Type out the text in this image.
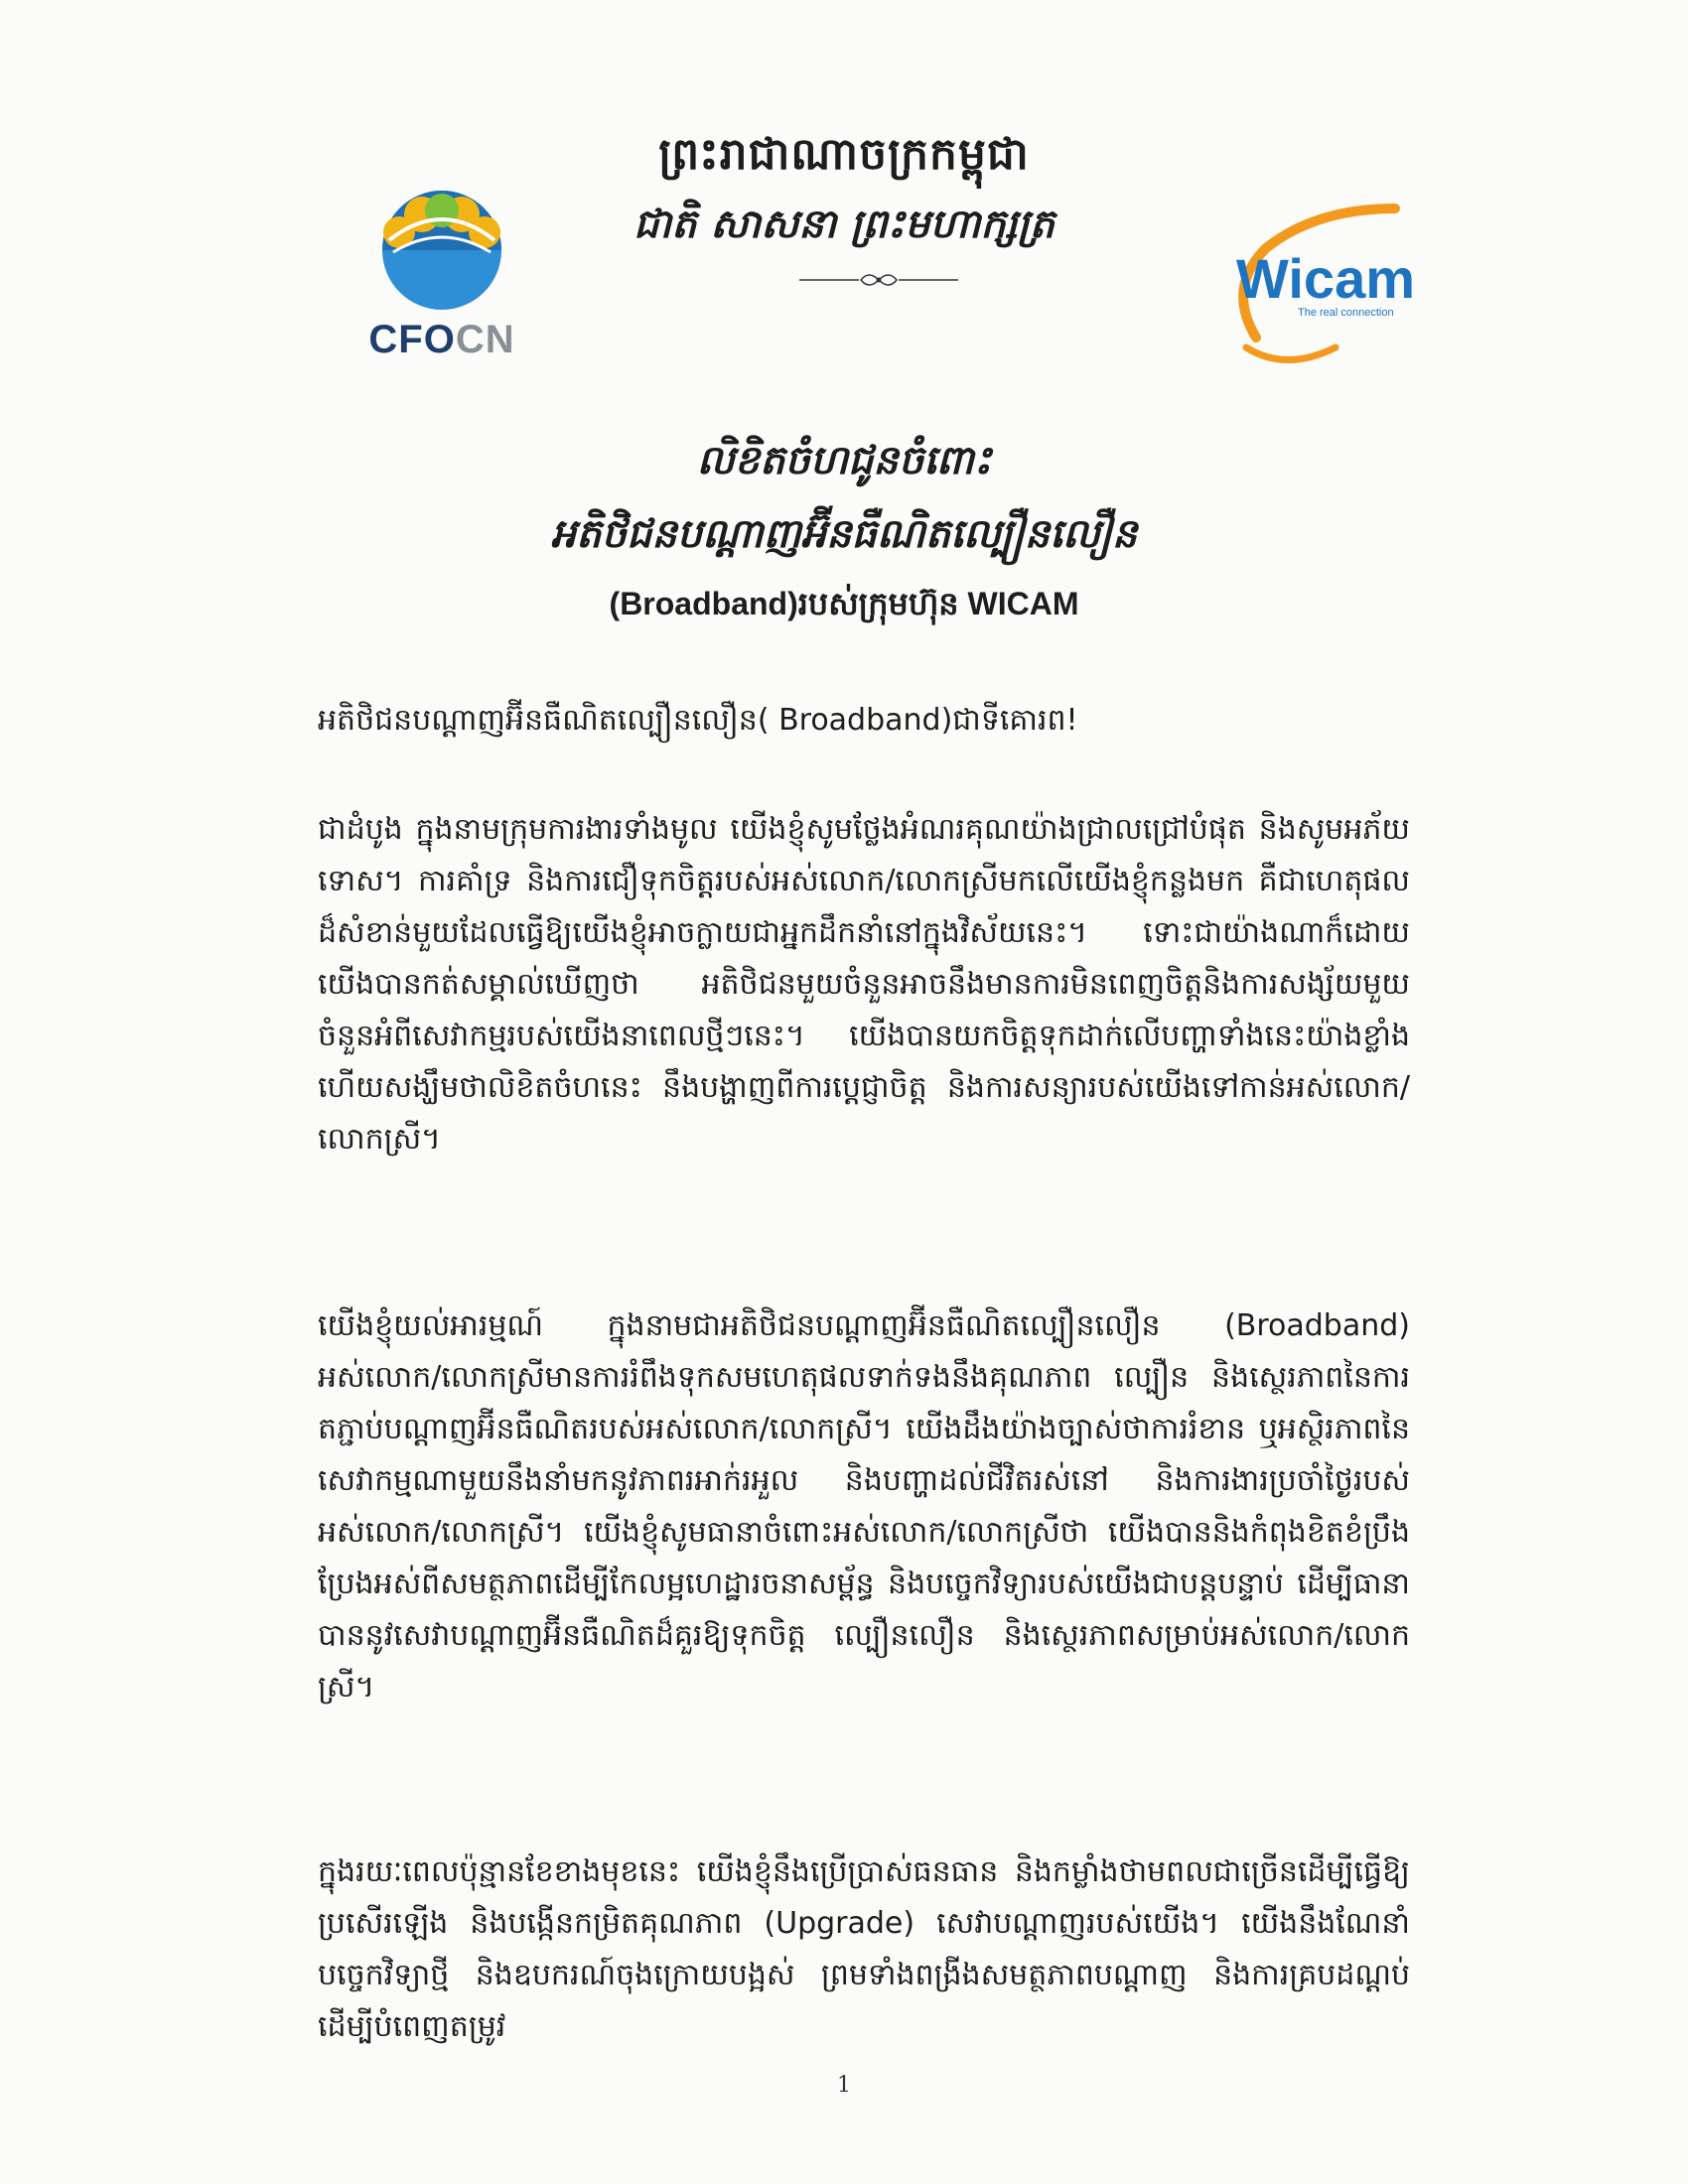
ព្រះរាជាណាចក្រកម្ពុជា
ជាតិ សាសនា ព្រះមហាក្សត្រ
CFOCN
Wicam
The real connection
លិខិតចំហជូនចំពោះ
អតិថិជនបណ្ដាញអ៊ីនធឺណិតល្បឿនលឿន
(Broadband)របស់ក្រុមហ៊ុន WICAM
អតិថិជនបណ្ដាញអ៊ីនធឺណិតល្បឿនលឿន( Broadband)ជាទីគោរព!
ជាដំបូង ក្នុងនាមក្រុមការងារទាំងមូល យើងខ្ញុំសូមថ្លែងអំណរគុណយ៉ាងជ្រាលជ្រៅបំផុត និងសូមអភ័យទោស។ ការគាំទ្រ និងការជឿទុកចិត្តរបស់អស់លោក/លោកស្រីមកលើយើងខ្ញុំកន្លងមក គឺជាហេតុផលដ៏សំខាន់មួយដែលធ្វើឱ្យយើងខ្ញុំអាចក្លាយជាអ្នកដឹកនាំនៅក្នុងវិស័យនេះ។ ទោះជាយ៉ាងណាក៏ដោយ យើងបានកត់សម្គាល់ឃើញថា អតិថិជនមួយចំនួនអាចនឹងមានការមិនពេញចិត្តនិងការសង្ស័យមួយចំនួនអំពីសេវាកម្មរបស់យើងនាពេលថ្មីៗនេះ។ យើងបានយកចិត្តទុកដាក់លើបញ្ហាទាំងនេះយ៉ាងខ្លាំង ហើយសង្ឃឹមថាលិខិតចំហនេះ នឹងបង្ហាញពីការប្ដេជ្ញាចិត្ត និងការសន្យារបស់យើងទៅកាន់អស់លោក/លោកស្រី។
យើងខ្ញុំយល់អារម្មណ៍ ក្នុងនាមជាអតិថិជនបណ្ដាញអ៊ីនធឺណិតល្បឿនលឿន (Broadband) អស់លោក/លោកស្រីមានការរំពឹងទុកសមហេតុផលទាក់ទងនឹងគុណភាព ល្បឿន និងស្ថេរភាពនៃការតភ្ជាប់បណ្ដាញអ៊ីនធឺណិតរបស់អស់លោក/លោកស្រី។ យើងដឹងយ៉ាងច្បាស់ថាការរំខាន ឬអស្ថិរភាពនៃសេវាកម្មណាមួយនឹងនាំមកនូវភាពរអាក់រអួល និងបញ្ហាដល់ជីវិតរស់នៅ និងការងារប្រចាំថ្ងៃរបស់អស់លោក/លោកស្រី។ យើងខ្ញុំសូមធានាចំពោះអស់លោក/លោកស្រីថា យើងបាននិងកំពុងខិតខំប្រឹងប្រែងអស់ពីសមត្ថភាពដើម្បីកែលម្អហេដ្ឋារចនាសម្ព័ន្ធ និងបច្ចេកវិទ្យារបស់យើងជាបន្តបន្ទាប់ ដើម្បីធានាបាននូវសេវាបណ្ដាញអ៊ីនធឺណិតដ៏គួរឱ្យទុកចិត្ត ល្បឿនលឿន និងស្ថេរភាពសម្រាប់អស់លោក/លោកស្រី។
ក្នុងរយៈពេលប៉ុន្មានខែខាងមុខនេះ យើងខ្ញុំនឹងប្រើប្រាស់ធនធាន និងកម្លាំងថាមពលជាច្រើនដើម្បីធ្វើឱ្យប្រសើរឡើង និងបង្កើនកម្រិតគុណភាព (Upgrade) សេវាបណ្ដាញរបស់យើង។ យើងនឹងណែនាំបច្ចេកវិទ្យាថ្មី និងឧបករណ៍ចុងក្រោយបង្អស់ ព្រមទាំងពង្រីងសមត្ថភាពបណ្ដាញ និងការគ្របដណ្ដប់ ដើម្បីបំពេញតម្រូវ
1
